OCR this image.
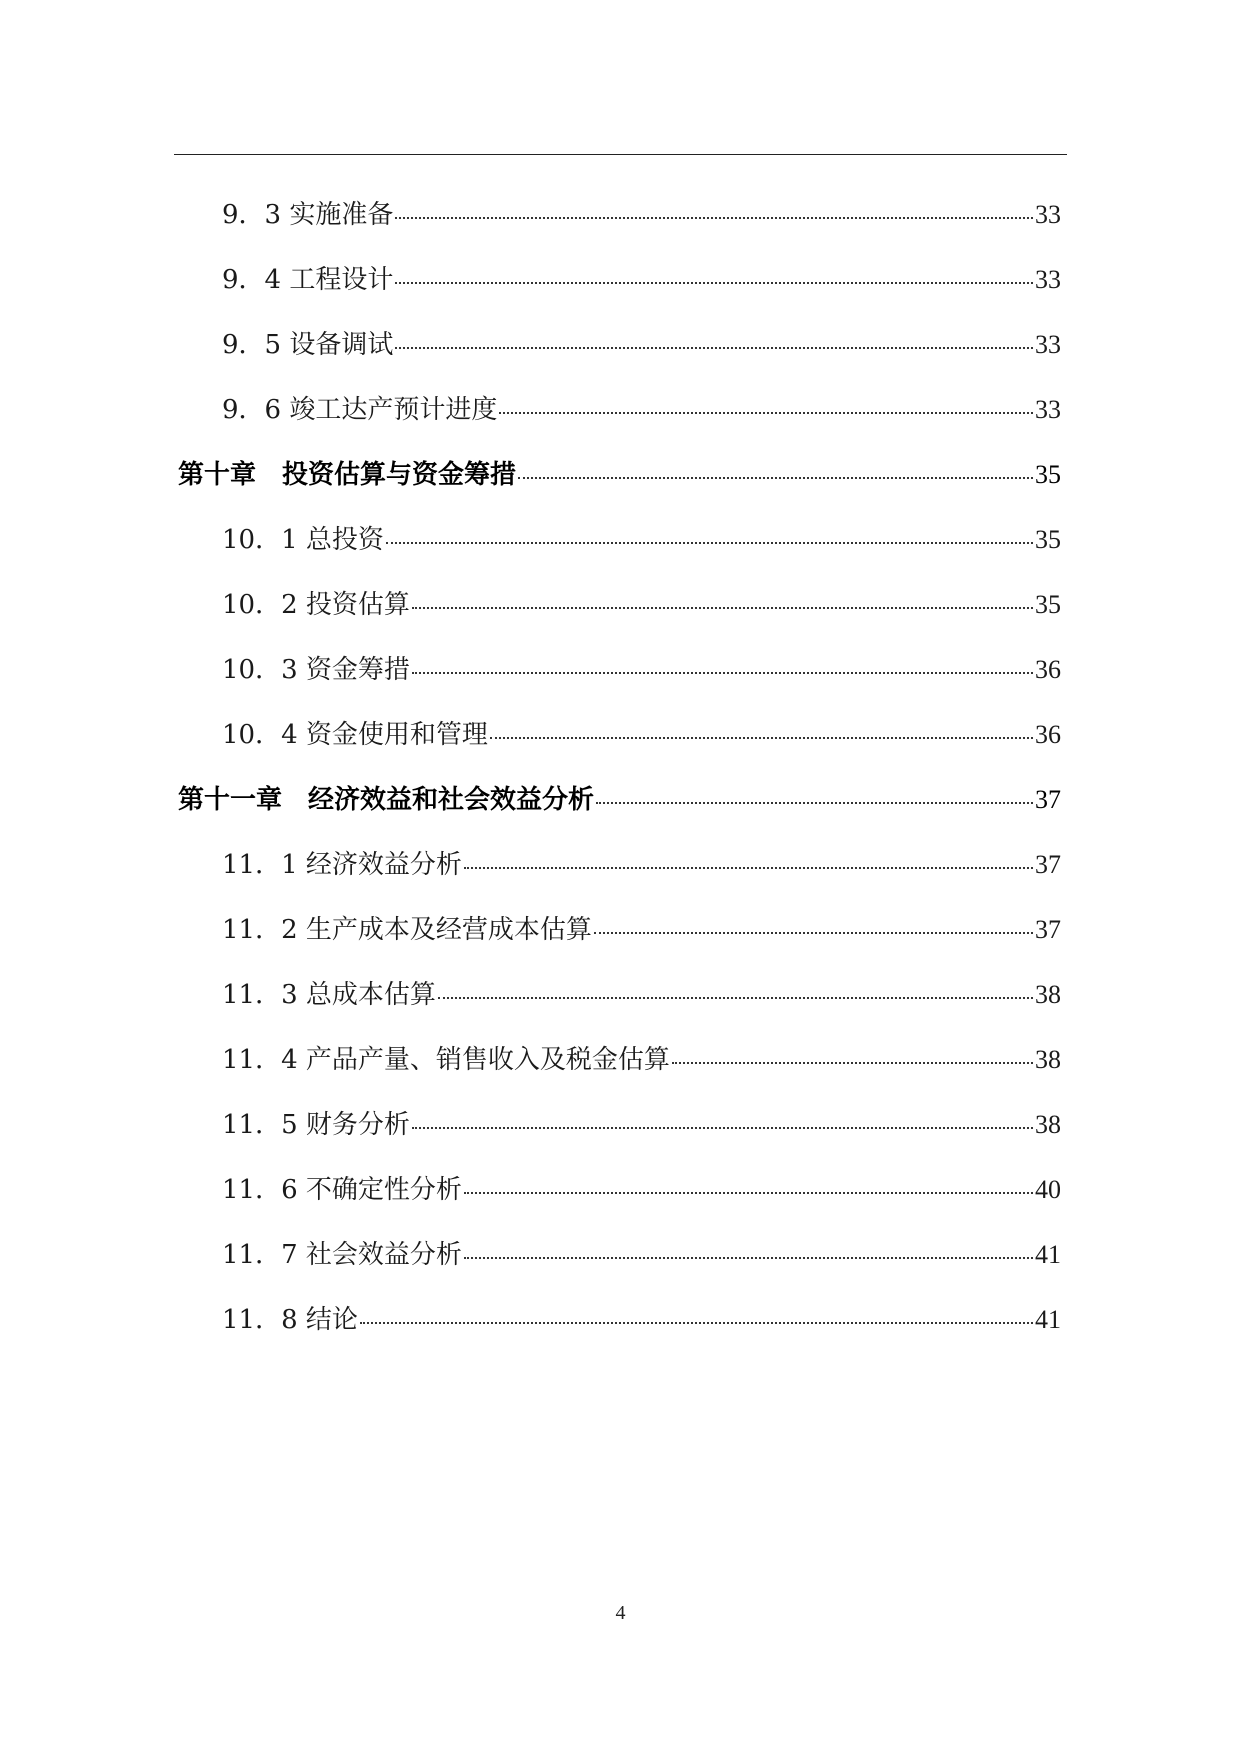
9．3 实施准备	33
9．4 工程设计	33
9．5 设备调试	33
9．6 竣工达产预计进度	33
第十章　投资估算与资金筹措	35
10．1 总投资	35
10．2 投资估算	35
10．3 资金筹措	36
10．4 资金使用和管理	36
第十一章　经济效益和社会效益分析	37
11．1 经济效益分析	37
11．2 生产成本及经营成本估算	37
11．3 总成本估算	38
11．4 产品产量、销售收入及税金估算	38
11．5 财务分析	38
11．6 不确定性分析	40
11．7 社会效益分析	41
11．8 结论	41
4
